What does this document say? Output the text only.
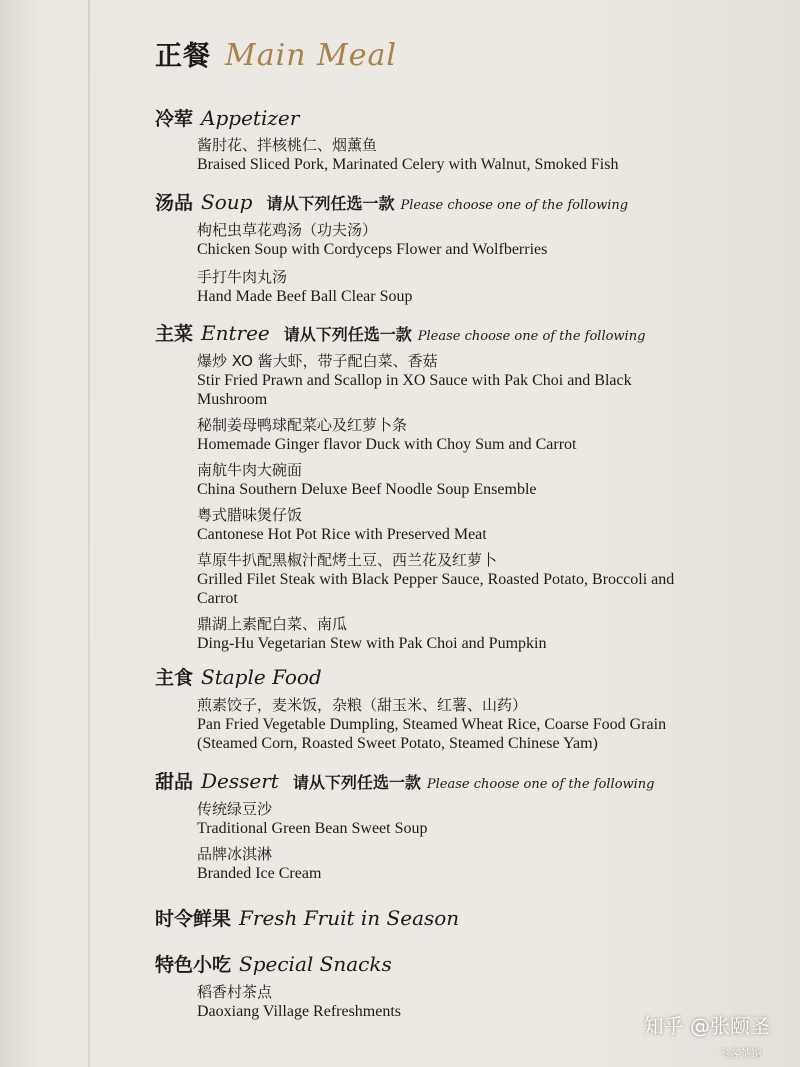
正餐 Main Meal
冷荤 Appetizer
酱肘花、拌核桃仁、烟薰鱼
Braised Sliced Pork, Marinated Celery with Walnut, Smoked Fish
汤品 Soup 请从下列任选一款 Please choose one of the following
枸杞虫草花鸡汤（功夫汤）
Chicken Soup with Cordyceps Flower and Wolfberries
手打牛肉丸汤
Hand Made Beef Ball Clear Soup
主菜 Entree 请从下列任选一款 Please choose one of the following
爆炒 XO 酱大虾，带子配白菜、香菇
Stir Fried Prawn and Scallop in XO Sauce with Pak Choi and Black Mushroom
秘制姜母鸭球配菜心及红萝卜条
Homemade Ginger flavor Duck with Choy Sum and Carrot
南航牛肉大碗面
China Southern Deluxe Beef Noodle Soup Ensemble
粤式腊味煲仔饭
Cantonese Hot Pot Rice with Preserved Meat
草原牛扒配黑椒汁配烤土豆、西兰花及红萝卜
Grilled Filet Steak with Black Pepper Sauce, Roasted Potato, Broccoli and Carrot
鼎湖上素配白菜、南瓜
Ding-Hu Vegetarian Stew with Pak Choi and Pumpkin
主食 Staple Food
煎素饺子，麦米饭，杂粮（甜玉米、红薯、山药）
Pan Fried Vegetable Dumpling, Steamed Wheat Rice, Coarse Food Grain (Steamed Corn, Roasted Sweet Potato, Steamed Chinese Yam)
甜品 Dessert 请从下列任选一款 Please choose one of the following
传统绿豆沙
Traditional Green Bean Sweet Soup
品牌冰淇淋
Branded Ice Cream
时令鲜果 Fresh Fruit in Season
特色小吃 Special Snacks
稻香村茶点
Daoxiang Village Refreshments
知乎 @张颐圣
飞客茶馆
